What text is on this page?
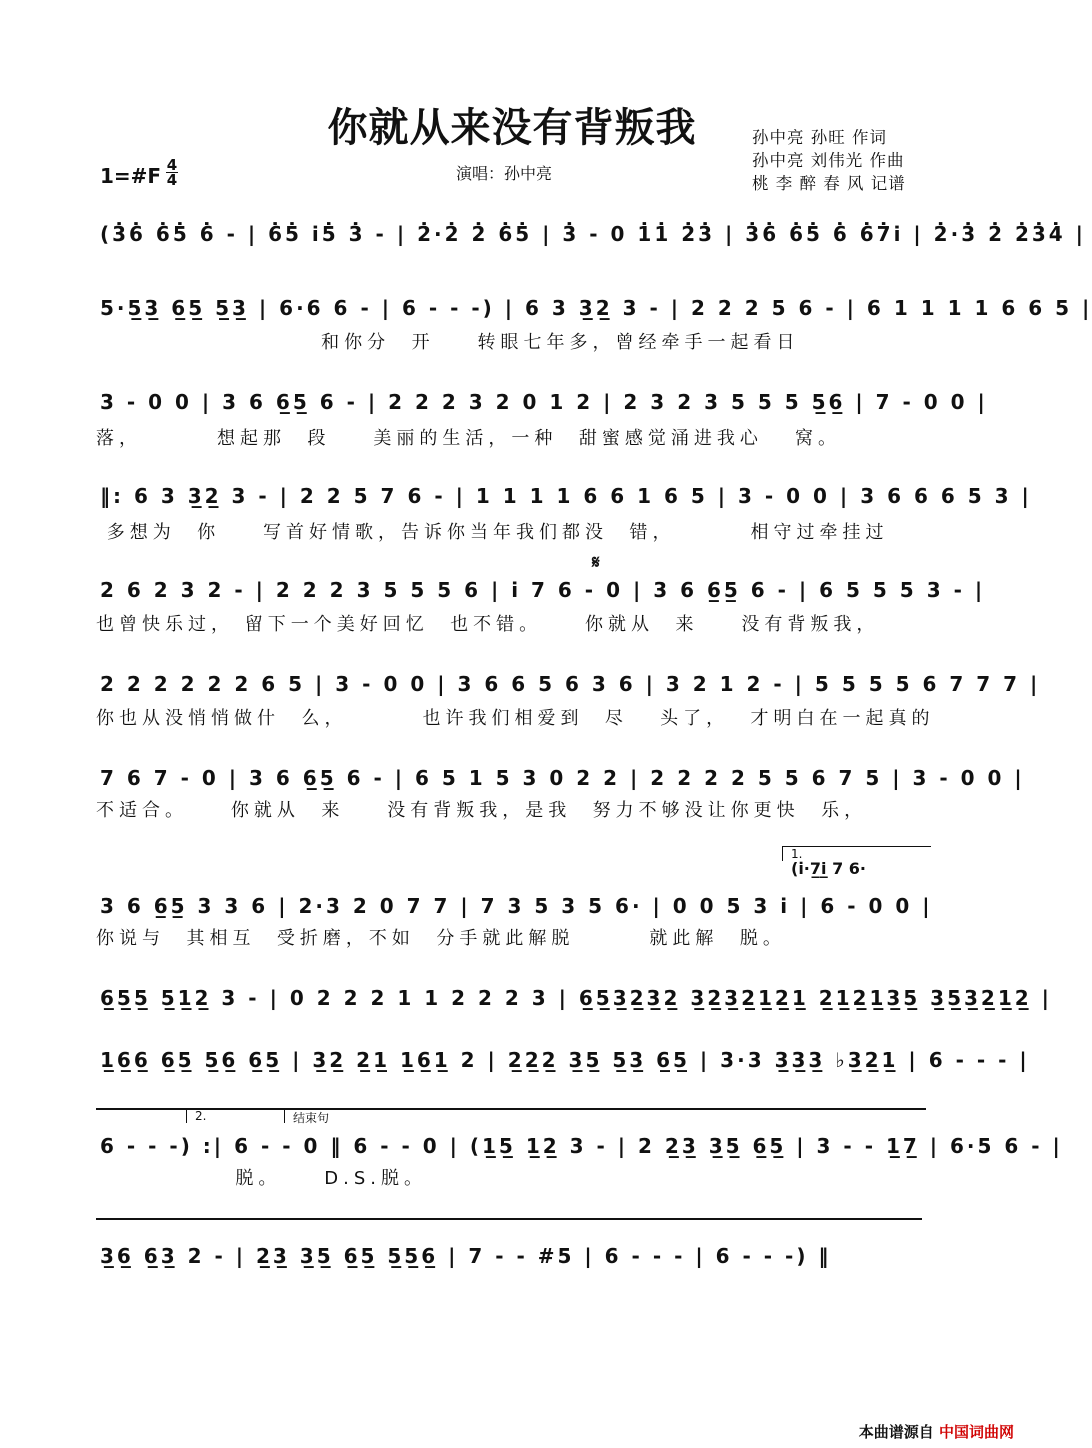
你就从来没有背叛我	孙中亮 孙旺 作词
孙中亮 刘伟光 作曲
桃 李 醉 春 风 记谱
1=#F 4
4	演唱：孙中亮

(3̇6̇ 6̇5̇ 6̇ - | 6̇5̇ i̇5̇ 3̇ - | 2̇·2̇ 2̇ 6̇5̇ | 3̇ - 0 1̇1̇ 2̇3̇ | 3̇6̇ 6̇5̇ 6̇ 6̇7̇i̇ | 2̇·3̇ 2̇ 2̇3̇4̇ |

5·5̲3̲ 6̲5̲ 5̲3̲ | 6·6 6 - | 6 - - -) | 6 3 3̲2̲ 3 - | 2 2 2 5 6 - | 6 1 1 1 1 6 6 5 |

和你分  开    转眼七年多，曾经牵手一起看日

3 - 0 0 | 3 6 6̲5̲ 6 - | 2 2 2 3 2 0 1 2 | 2 3 2 3 5 5 5 5̲6̲ | 7 - 0 0 |

落，       想起那  段    美丽的生活，一种  甜蜜感觉涌进我心   窝。

‖: 6 3 3̲2̲ 3 - | 2 2 5 7 6 - | 1 1 1 1 6 6 1 6 5 | 3 - 0 0 | 3 6 6 6 5 3 |

多想为  你    写首好情歌，告诉你当年我们都没  错，       相守过牵挂过
𝄋

2 6 2 3 2 - | 2 2 2 3 5 5 5 6 | i 7 6 - 0 | 3 6 6̲5̲ 6 - | 6 5 5 5 3 - |

也曾快乐过， 留下一个美好回忆  也不错。    你就从  来    没有背叛我，

2 2 2 2 2 2 6 5 | 3 - 0 0 | 3 6 6 5 6 3 6 | 3 2 1 2 - | 5 5 5 5 6 7 7 7 |

你也从没悄悄做什  么，       也许我们相爱到  尽   头了，  才明白在一起真的

7 6 7 - 0 | 3 6 6̲5̲ 6 - | 6 5 1 5 3 0 2 2 | 2 2 2 2 5 5 6 7 5 | 3 - 0 0 |

不适合。    你就从  来    没有背叛我，是我  努力不够没让你更快  乐，
1.
(i̇·7̲i̲ 7 6·

3 6 6̲5̲ 3 3 6 | 2·3 2 0 7 7 | 7 3 5 3 5 6· | 0 0 5 3 i | 6 - 0 0 |

你说与  其相互  受折磨，不如  分手就此解脱       就此解  脱。

6̲5̲5̲ 5̲1̲2̲ 3 - | 0 2 2 2 1 1 2 2 2 3 | 6̲5̲3̲2̲3̲2̲ 3̲2̲3̲2̲1̲2̲1̲ 2̲1̲2̲1̲3̲5̲ 3̲5̲3̲2̲1̲2̲ |

1̲6̲6̲ 6̲5̲ 5̲6̲ 6̲5̲ | 3̲2̲ 2̲1̲ 1̲6̲1̲ 2 | 2̲2̲2̲ 3̲5̲ 5̲3̲ 6̲5̲ | 3·3 3̲3̲3̲ ♭3̲2̲1̲ | 6 - - - |

2.	结束句

6 - - -) :| 6 - - 0 ‖ 6 - - 0 | (1̲5̲ 1̲2̲ 3 - | 2 2̲3̲ 3̲5̲ 6̲5̲ | 3 - - 1̲7̲ | 6·5 6 - |

脱。    D.S.脱。

3̲6̲ 6̲3̲ 2 - | 2̲3̲ 3̲5̲ 6̲5̲ 5̲5̲6̲ | 7 - - #5 | 6 - - - | 6 - - -) ‖

本曲谱源自 中国词曲网
